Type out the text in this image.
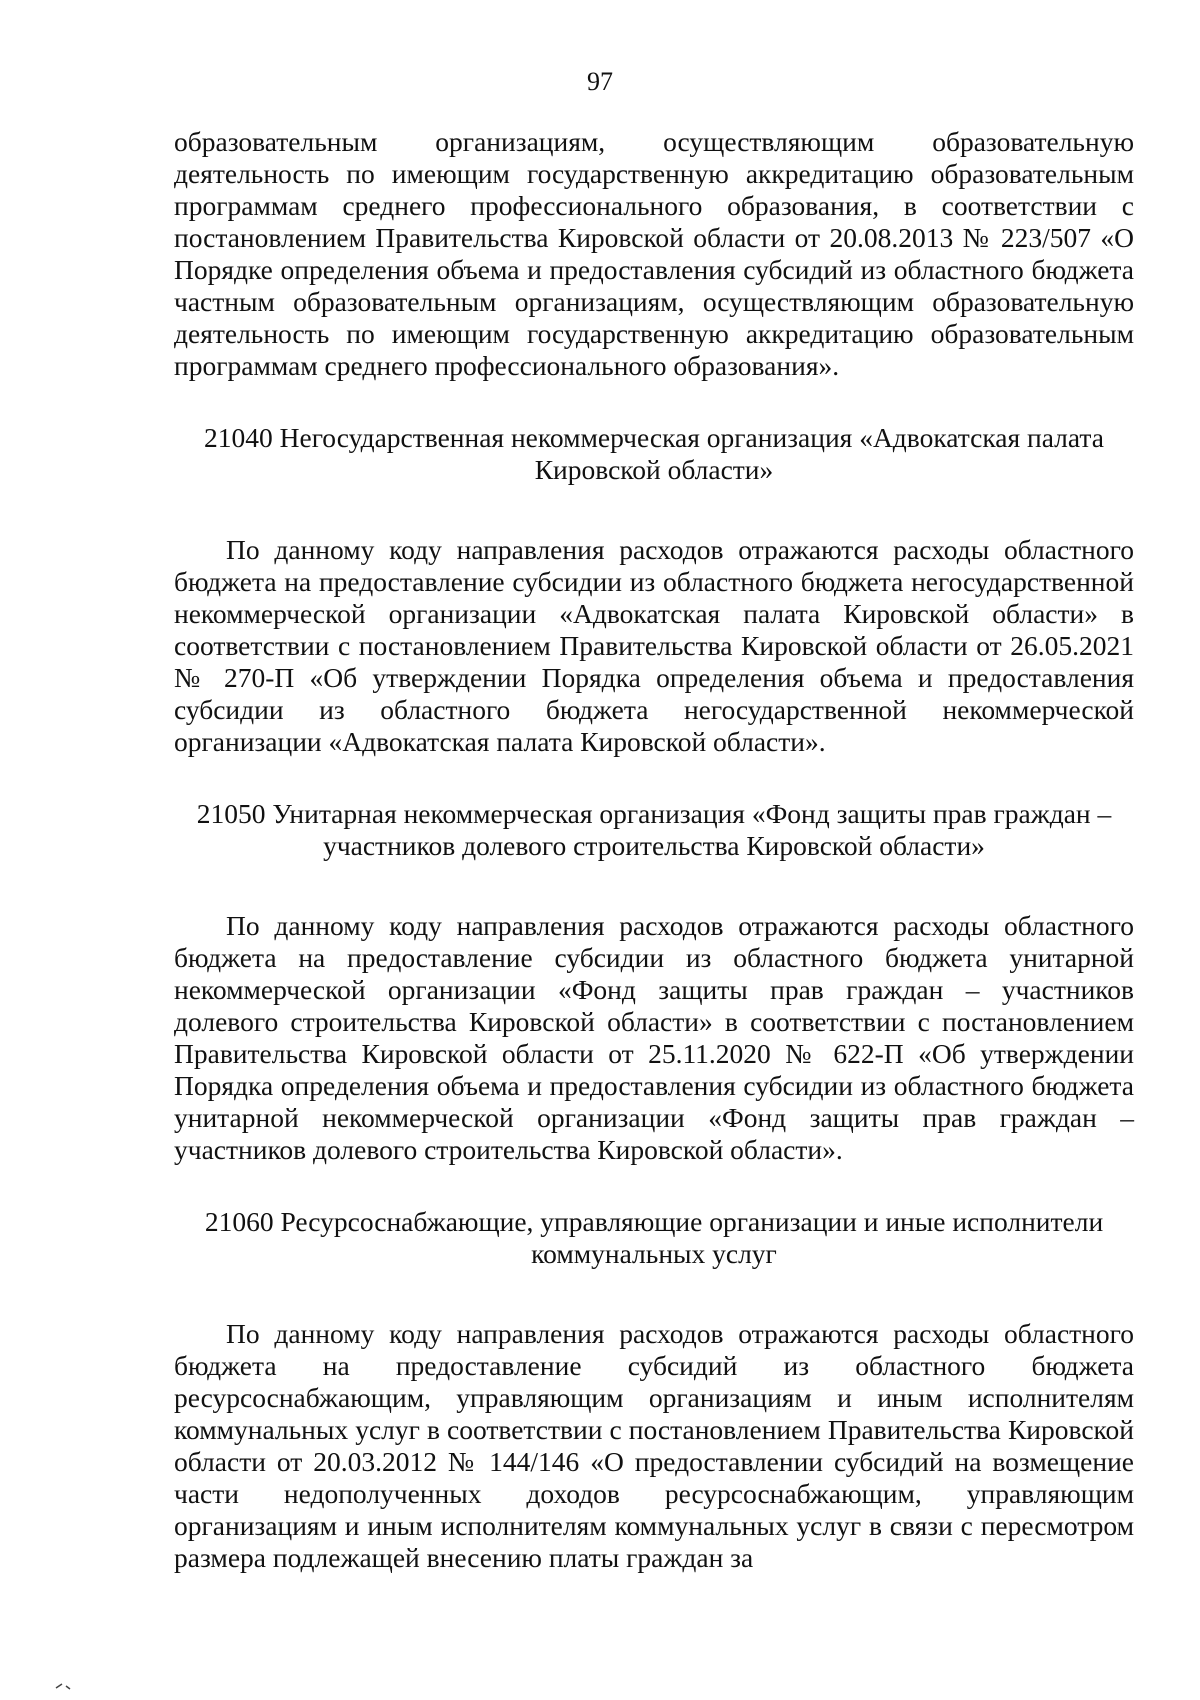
97

образовательным организациям, осуществляющим образовательную деятельность по имеющим государственную аккредитацию образовательным программам среднего профессионального образования, в соответствии с постановлением Правительства Кировской области от 20.08.2013 № 223/507 «О Порядке определения объема и предоставления субсидий из областного бюджета частным образовательным организациям, осуществляющим образовательную деятельность по имеющим государственную аккредитацию образовательным программам среднего профессионального образования».

21040 Негосударственная некоммерческая организация «Адвокатская палата Кировской области»

По данному коду направления расходов отражаются расходы областного бюджета на предоставление субсидии из областного бюджета негосударственной некоммерческой организации «Адвокатская палата Кировской области» в соответствии с постановлением Правительства Кировской области от 26.05.2021 № 270-П «Об утверждении Порядка определения объема и предоставления субсидии из областного бюджета негосударственной некоммерческой организации «Адвокатская палата Кировской области».

21050 Унитарная некоммерческая организация «Фонд защиты прав граждан – участников долевого строительства Кировской области»

По данному коду направления расходов отражаются расходы областного бюджета на предоставление субсидии из областного бюджета унитарной некоммерческой организации «Фонд защиты прав граждан – участников долевого строительства Кировской области» в соответствии с постановлением Правительства Кировской области от 25.11.2020 № 622-П «Об утверждении Порядка определения объема и предоставления субсидии из областного бюджета унитарной некоммерческой организации «Фонд защиты прав граждан – участников долевого строительства Кировской области».

21060 Ресурсоснабжающие, управляющие организации и иные исполнители коммунальных услуг

По данному коду направления расходов отражаются расходы областного бюджета на предоставление субсидий из областного бюджета ресурсоснабжающим, управляющим организациям и иным исполнителям коммунальных услуг в соответствии с постановлением Правительства Кировской области от 20.03.2012 № 144/146 «О предоставлении субсидий на возмещение части недополученных доходов ресурсоснабжающим, управляющим организациям и иным исполнителям коммунальных услуг в связи с пересмотром размера подлежащей внесению платы граждан за
